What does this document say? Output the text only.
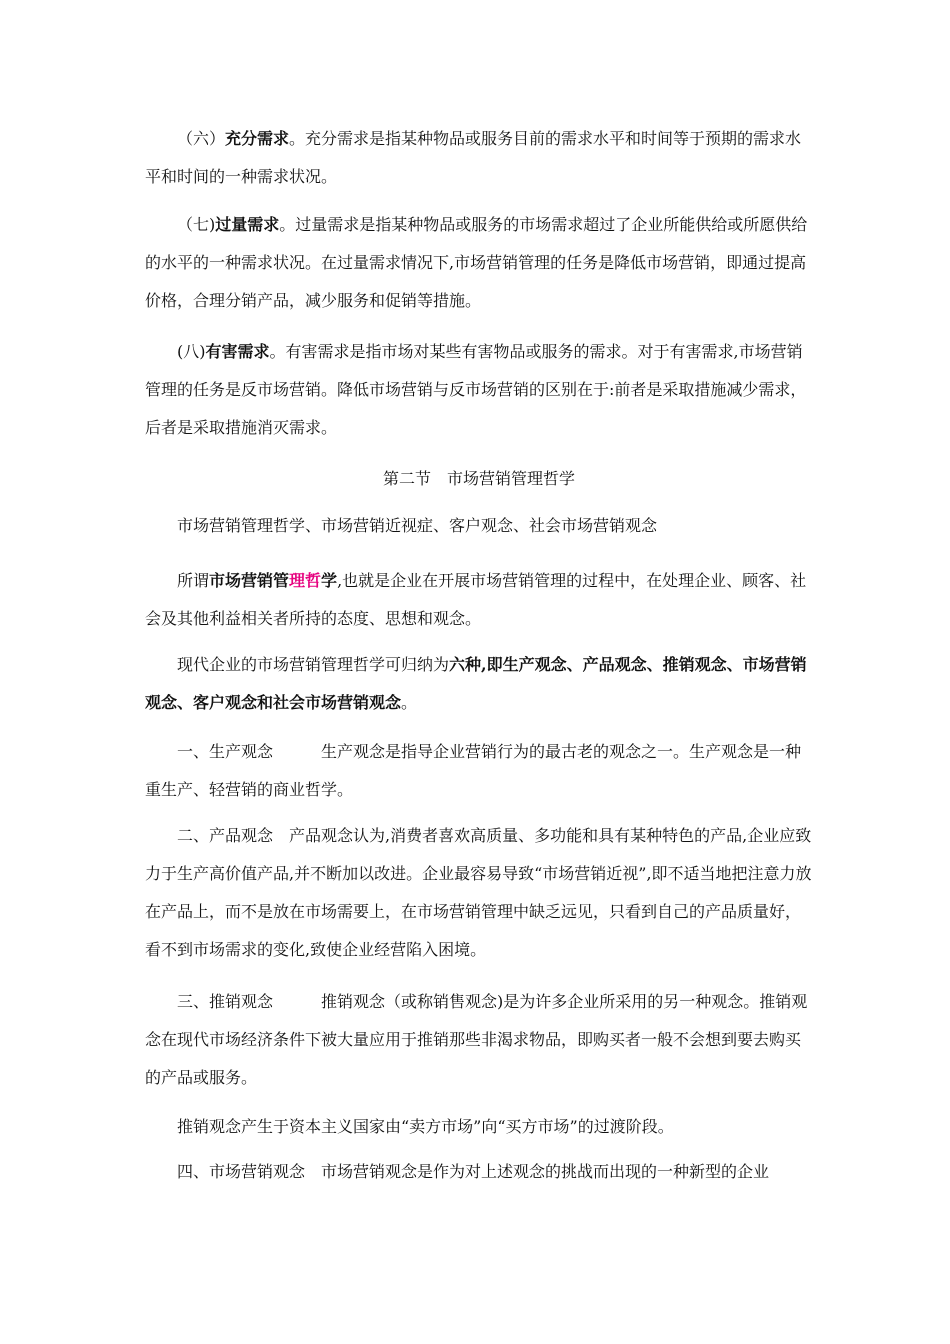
（六）充分需求。充分需求是指某种物品或服务目前的需求水平和时间等于预期的需求水平和时间的一种需求状况。
（七)过量需求。过量需求是指某种物品或服务的市场需求超过了企业所能供给或所愿供给的水平的一种需求状况。在过量需求情况下,市场营销管理的任务是降低市场营销，即通过提高价格，合理分销产品，减少服务和促销等措施。
(八)有害需求。有害需求是指市场对某些有害物品或服务的需求。对于有害需求,市场营销管理的任务是反市场营销。降低市场营销与反市场营销的区别在于:前者是采取措施减少需求，后者是采取措施消灭需求。
第二节　市场营销管理哲学
市场营销管理哲学、市场营销近视症、客户观念、社会市场营销观念
所谓市场营销管理哲学,也就是企业在开展市场营销管理的过程中，在处理企业、顾客、社会及其他利益相关者所持的态度、思想和观念。
现代企业的市场营销管理哲学可归纳为六种,即生产观念、产品观念、推销观念、市场营销观念、客户观念和社会市场营销观念。
一、生产观念	生产观念是指导企业营销行为的最古老的观念之一。生产观念是一种重生产、轻营销的商业哲学。
二、产品观念 产品观念认为,消费者喜欢高质量、多功能和具有某种特色的产品,企业应致力于生产高价值产品,并不断加以改进。企业最容易导致“市场营销近视”,即不适当地把注意力放在产品上，而不是放在市场需要上，在市场营销管理中缺乏远见，只看到自己的产品质量好，看不到市场需求的变化,致使企业经营陷入困境。
三、推销观念	推销观念（或称销售观念)是为许多企业所采用的另一种观念。推销观念在现代市场经济条件下被大量应用于推销那些非渴求物品，即购买者一般不会想到要去购买的产品或服务。
推销观念产生于资本主义国家由“卖方市场”向“买方市场”的过渡阶段。
四、市场营销观念 市场营销观念是作为对上述观念的挑战而出现的一种新型的企业
